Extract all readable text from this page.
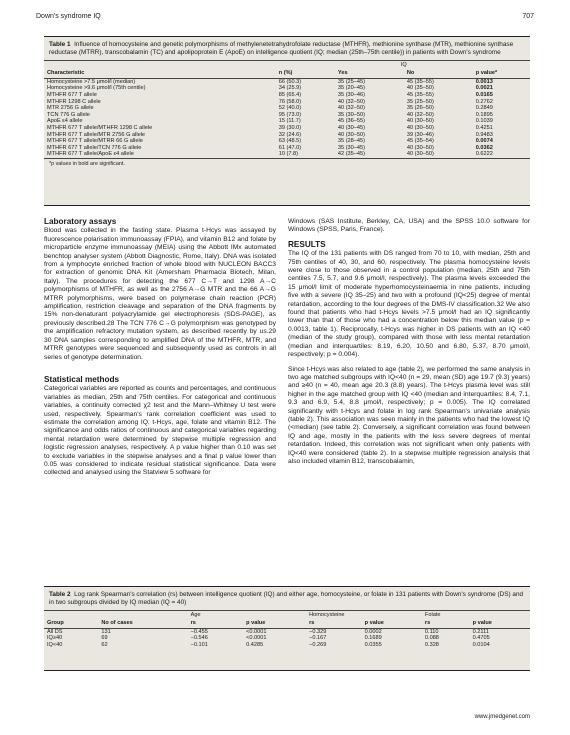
Down's syndrome IQ	707
Table 1 Influence of homocysteine and genetic polymorphisms of methylenetetrahydrofolate reductase (MTHFR), methionine synthase (MTR), methionine synthase reductase (MTRR), transcobalamin (TC) and apolipoprotein E (ApoE) on intelligence quotient (IQ; median (25th–75th centile)) in patients with Down's syndrome
		IQ		
Characteristic	n (%)	Yes	No	p value*
Homocysteine >7.5 μmol/l (median)	66 (50.3)	35 (25–45)	45 (35–55)	0.0013
Homocysteine >9.6 μmol/l (75th centile)	34 (25.9)	35 (20–45)	40 (35–50)	0.0021
MTHFR 677 T allele	85 (65.4)	35 (30–46)	45 (35–55)	0.0165
MTHFR 1298 C allele	76 (58.0)	40 (32–50)	35 (25–50)	0.2762
MTR 2756 G allele	52 (40.0)	40 (32–50)	35 (26–50)	0.2849
TCN 776 G allele	95 (73.0)	35 (30–50)	40 (32–50)	0.1895
ApoE ε4 allele	15 (11.7)	45 (36–55)	40 (30–50)	0.1039
MTHFR 677 T allele/MTHFR 1298 C allele	39 (30.0)	40 (30–45)	40 (30–50)	0.4251
MTHFR 677 T allele/MTR 2756 G allele	32 (24.6)	40 (30–50)	39 (30–46)	0.9483
MTHFR 677 T allele/MTRR 66 G allele	63 (48.5)	35 (28–45)	45 (35–54)	0.0074
MTHFR 677 T allele/TCN 776 G allele	61 (47.0)	35 (30–45)	40 (30–50)	0.0362
MTHFR 677 T allele/ApoE ε4 allele	10 (7.8)	42 (35–45)	40 (30–50)	0.6222
*p values in bold are significant.
Laboratory assays

Blood was collected in the fasting state. Plasma t-Hcys was assayed by fluorescence polarisation immunoassay (FPIA), and vitamin B12 and folate by microparticle enzyme immunoassay (MEIA) using the Abbott IMx automated benchtop analyser system (Abbott Diagnostic, Rome, Italy). DNA was isolated from a lymphocyte enriched fraction of whole blood with NUCLEON BACC3 for extraction of genomic DNA Kit (Amersham Pharmacia Biotech, Milan, Italy). The procedures for detecting the 677 C→T and 1298 A→C polymorphisms of MTHFR, as well as the 2756 A→G MTR and the 66 A→G MTRR polymorphisms, were based on polymerase chain reaction (PCR) amplification, restriction cleavage and separation of the DNA fragments by 15% non-denaturant polyacrylamide gel electrophoresis (SDS-PAGE), as previously described.28 The TCN 776 C→G polymorphism was genotyped by the amplification refractory mutation system, as described recently by us.29 30 DNA samples corresponding to amplified DNA of the MTHFR, MTR, and MTRR genotypes were sequenced and subsequently used as controls in all series of genotype determination.

Statistical methods

Categorical variables are reported as counts and percentages, and continuous variables as median, 25th and 75th centiles. For categorical and continuous variables, a continuity corrected χ2 test and the Mann–Whitney U test were used, respectively. Spearman's rank correlation coefficient was used to estimate the correlation among IQ, t-Hcys, age, folate and vitamin B12. The significance and odds ratios of continuous and categorical variables regarding mental retardation were determined by stepwise multiple regression and logistic regression analyses, respectively. A p value higher than 0.10 was set to exclude variables in the stepwise analyses and a final p value lower than 0.05 was considered to indicate residual statistical significance. Data were collected and analysed using the Statview 5 software for

Windows (SAS Institute, Berkley, CA, USA) and the SPSS 10.0 software for Windows (SPSS, Paris, France).

RESULTS

The IQ of the 131 patients with DS ranged from 70 to 10, with median, 25th and 75th centiles of 40, 30, and 60, respectively. The plasma homocysteine levels were close to those observed in a control population (median, 25th and 75th centiles 7.5, 5.7, and 9.6 μmol/l, respectively). The plasma levels exceeded the 15 μmol/l limit of moderate hyperhomocysteinaemia in nine patients, including five with a severe (IQ 35–25) and two with a profound (IQ<25) degree of mental retardation, according to the four degrees of the DMS-IV classification.32 We also found that patients who had t-Hcys levels >7.5 μmol/l had an IQ significantly lower than that of those who had a concentration below this median value (p = 0.0013, table 1). Reciprocally, t-Hcys was higher in DS patients with an IQ <40 (median of the study group), compared with those with less mental retardation (median and interquartiles: 8.19, 6.20, 10.50 and 6.80, 5.37, 8.70 μmol/l, respectively; p = 0.004).

Since t-Hcys was also related to age (table 2), we performed the same analysis in two age matched subgroups with IQ<40 (n = 29, mean (SD) age 19.7 (9.3) years) and ≥40 (n = 40, mean age 20.3 (8.8) years). The t-Hcys plasma level was still higher in the age matched group with IQ <40 (median and interquartiles: 8.4, 7.1, 9.3 and 6.9, 5.4, 8.8 μmol/l, respectively; p = 0.005). The IQ correlated significantly with t-Hcys and folate in log rank Spearman's univariate analysis (table 2). This association was seen mainly in the patients who had the lowest IQ (<median) (see table 2). Conversely, a significant correlation was found between IQ and age, mostly in the patients with the less severe degrees of mental retardation. Indeed, this correlation was not significant when only patients with IQ<40 were considered (table 2). In a stepwise multiple regression analysis that also included vitamin B12, transcobalamin,

Table 2 Log rank Spearman's correlation (rs) between intelligence quotient (IQ) and either age, homocysteine, or folate in 131 patients with Down's syndrome (DS) and in two subgroups divided by IQ median (IQ = 40)
		Age		Homocysteine		Folate	
Group	No of cases	rs	p value	rs	p value	rs	p value
All DS	131	−0.455	<0.0001	−0.329	0.0002	0.110	0.2111
IQ≥40	69	−0.546	<0.0001	−0.167	0.1689	0.088	0.4705
IQ<40	62	−0.101	0.4285	−0.269	0.0355	0.328	0.0104
www.jmedgenet.com
